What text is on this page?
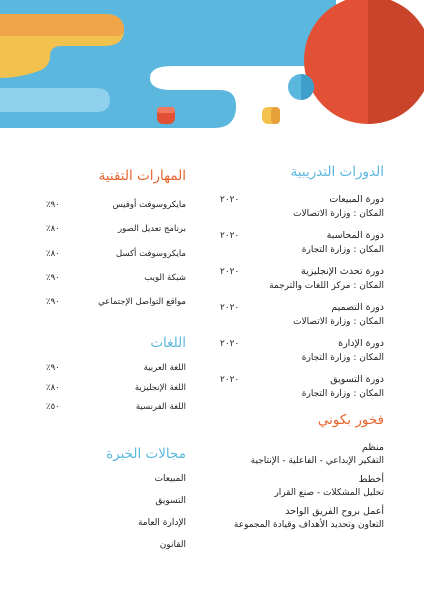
الدورات التدريبية
دورة المبيعات
المكان : وزارة الاتصالات
٢٠٢٠
دورة المحاسبة
المكان : وزارة التجارة
٢٠٢٠
دورة تحدث الإنجليزية
المكان : مركز اللغات والترجمة
٢٠٢٠
دورة التصميم
المكان : وزارة الاتصالات
٢٠٢٠
دورة الإدارة
المكان : وزارة التجارة
٢٠٢٠
دورة التسويق
المكان : وزارة التجارة
٢٠٢٠
فخور بكوني
منظم
التفكير الإبداعي - الفاعلية - الإنتاجية
أخطط
تحليل المشكلات - صنع القرار
أعمل بروح الفريق الواحد
التعاون وتحديد الأهداف وقيادة المجموعة
المهارات التقنية
مايكروسوفت أوفيس
٪٩٠
برنامج تعديل الصور
٪٨٠
مايكروسوفت أكسل
٪٨٠
شبكة الويب
٪٩٠
مواقع التواصل الإجتماعي
٪٩٠
اللغات
اللغة العربية
٪٩٠
اللغة الإنجليزية
٪٨٠
اللغة الفرنسية
٪٥٠
مجالات الخبرة
المبيعات
التسويق
الإدارة العامة
القانون
